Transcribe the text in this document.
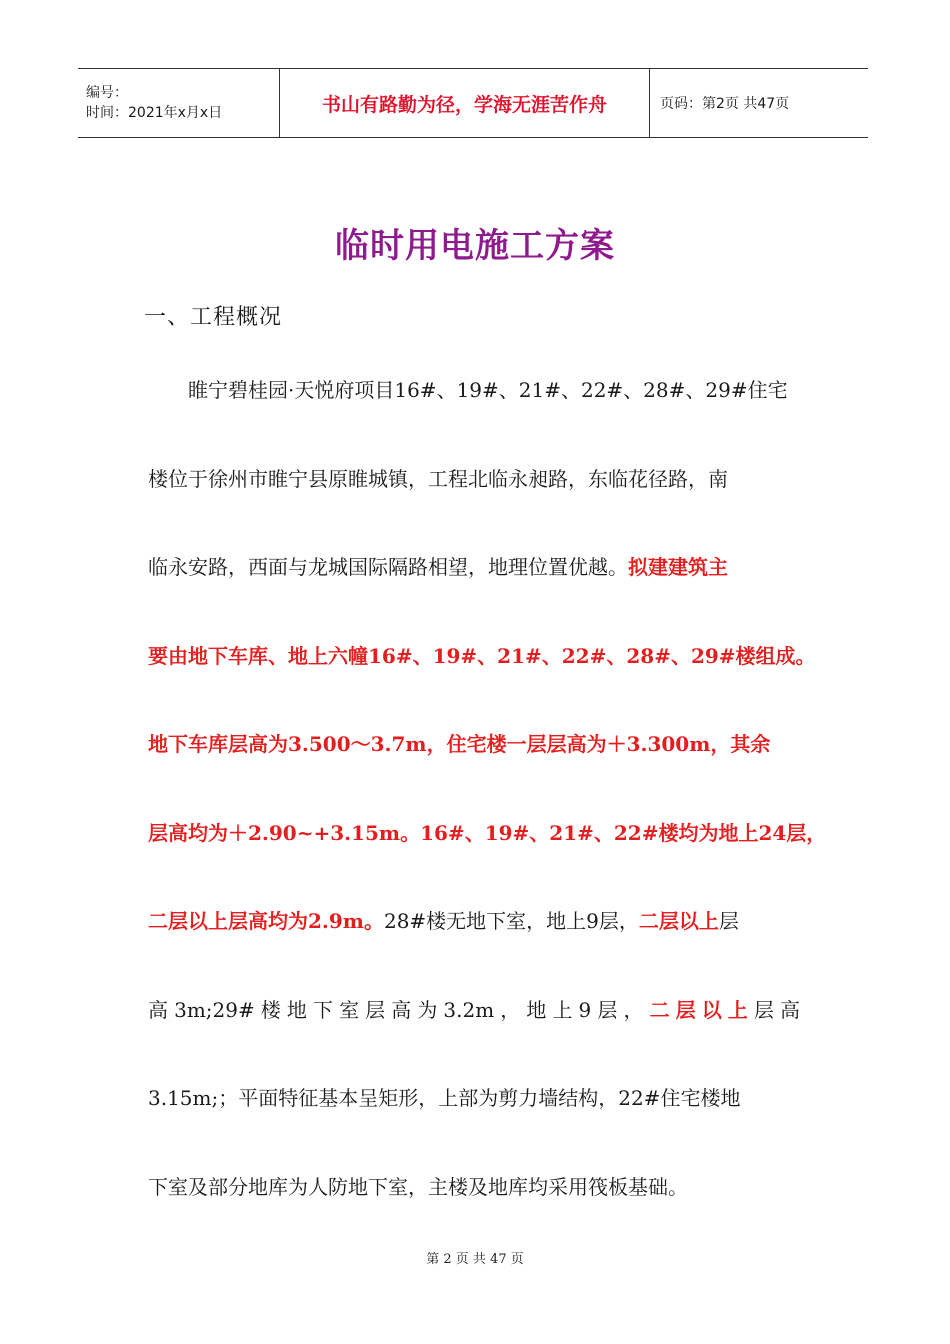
编号：
时间：2021年x月x日	书山有路勤为径，学海无涯苦作舟	页码：第2页 共47页
临时用电施工方案
一、工程概况
睢宁碧桂园·天悦府项目16#、19#、21#、22#、28#、29#住宅
楼位于徐州市睢宁县原睢城镇，工程北临永昶路，东临花径路，南
临永安路，西面与龙城国际隔路相望，地理位置优越。拟建建筑主
要由地下车库、地上六幢16#、19#、21#、22#、28#、29#楼组成。
地下车库层高为3.500～3.7m，住宅楼一层层高为＋3.300m，其余
层高均为＋2.90~+3.15m。16#、19#、21#、22#楼均为地上24层，
二层以上层高均为2.9m。28#楼无地下室，地上9层，二层以上层
高3m;29#楼地下室层高为3.2m，地上9层，二层以上层高
3.15m;；平面特征基本呈矩形，上部为剪力墙结构，22#住宅楼地
下室及部分地库为人防地下室，主楼及地库均采用筏板基础。
第 2 页 共 47 页
